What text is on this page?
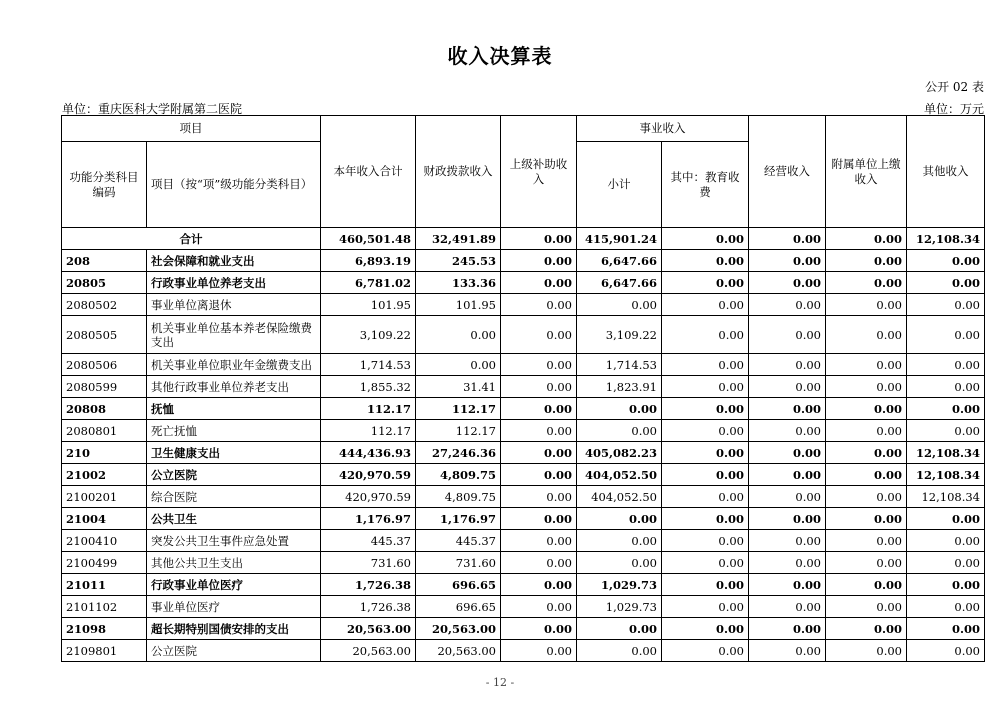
收入决算表
公开 02 表
单位：重庆医科大学附属第二医院	单位：万元
项目		本年收入合计	财政拨款收入	上级补助收入	事业收入		经营收入	附属单位上缴收入	其他收入
功能分类科目编码	项目（按“项”级功能分类科目）				小计	其中：教育收费			
合计		460,501.48	32,491.89	0.00	415,901.24	0.00	0.00	0.00	12,108.34
208	社会保障和就业支出	6,893.19	245.53	0.00	6,647.66	0.00	0.00	0.00	0.00
20805	行政事业单位养老支出	6,781.02	133.36	0.00	6,647.66	0.00	0.00	0.00	0.00
2080502	事业单位离退休	101.95	101.95	0.00	0.00	0.00	0.00	0.00	0.00
2080505	机关事业单位基本养老保险缴费支出	3,109.22	0.00	0.00	3,109.22	0.00	0.00	0.00	0.00
2080506	机关事业单位职业年金缴费支出	1,714.53	0.00	0.00	1,714.53	0.00	0.00	0.00	0.00
2080599	其他行政事业单位养老支出	1,855.32	31.41	0.00	1,823.91	0.00	0.00	0.00	0.00
20808	抚恤	112.17	112.17	0.00	0.00	0.00	0.00	0.00	0.00
2080801	死亡抚恤	112.17	112.17	0.00	0.00	0.00	0.00	0.00	0.00
210	卫生健康支出	444,436.93	27,246.36	0.00	405,082.23	0.00	0.00	0.00	12,108.34
21002	公立医院	420,970.59	4,809.75	0.00	404,052.50	0.00	0.00	0.00	12,108.34
2100201	综合医院	420,970.59	4,809.75	0.00	404,052.50	0.00	0.00	0.00	12,108.34
21004	公共卫生	1,176.97	1,176.97	0.00	0.00	0.00	0.00	0.00	0.00
2100410	突发公共卫生事件应急处置	445.37	445.37	0.00	0.00	0.00	0.00	0.00	0.00
2100499	其他公共卫生支出	731.60	731.60	0.00	0.00	0.00	0.00	0.00	0.00
21011	行政事业单位医疗	1,726.38	696.65	0.00	1,029.73	0.00	0.00	0.00	0.00
2101102	事业单位医疗	1,726.38	696.65	0.00	1,029.73	0.00	0.00	0.00	0.00
21098	超长期特别国债安排的支出	20,563.00	20,563.00	0.00	0.00	0.00	0.00	0.00	0.00
2109801	公立医院	20,563.00	20,563.00	0.00	0.00	0.00	0.00	0.00	0.00
- 12 -
